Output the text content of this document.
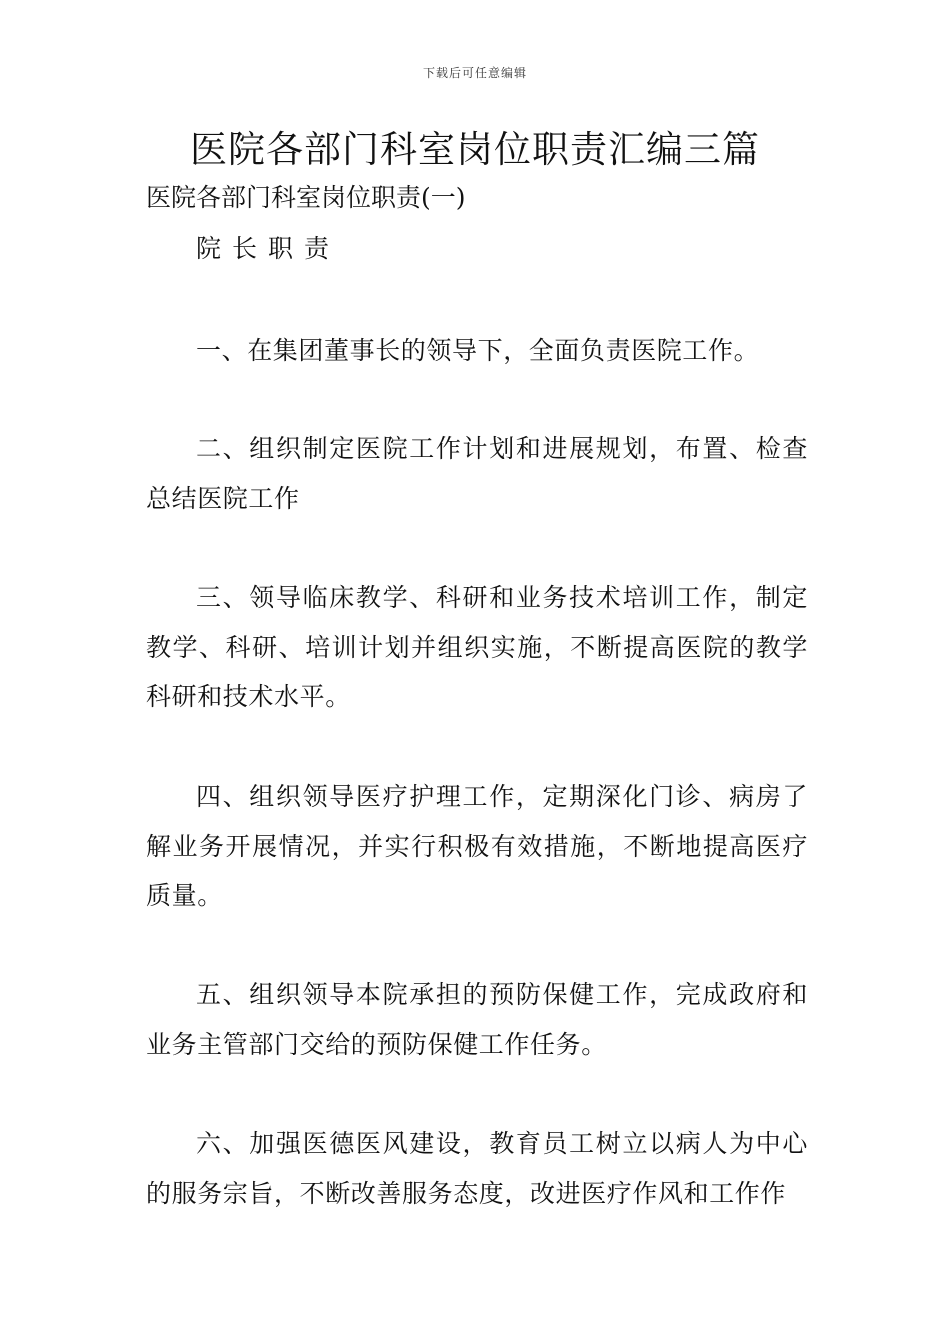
下载后可任意编辑
医院各部门科室岗位职责汇编三篇
医院各部门科室岗位职责(一)
院长职责

一、在集团董事长的领导下，全面负责医院工作。

二、组织制定医院工作计划和进展规划，布置、检查总结医院工作

三、领导临床教学、科研和业务技术培训工作，制定教学、科研、培训计划并组织实施，不断提高医院的教学科研和技术水平。

四、组织领导医疗护理工作，定期深化门诊、病房了解业务开展情况，并实行积极有效措施，不断地提高医疗质量。

五、组织领导本院承担的预防保健工作，完成政府和业务主管部门交给的预防保健工作任务。

六、加强医德医风建设，教育员工树立以病人为中心的服务宗旨，不断改善服务态度，改进医疗作风和工作作
